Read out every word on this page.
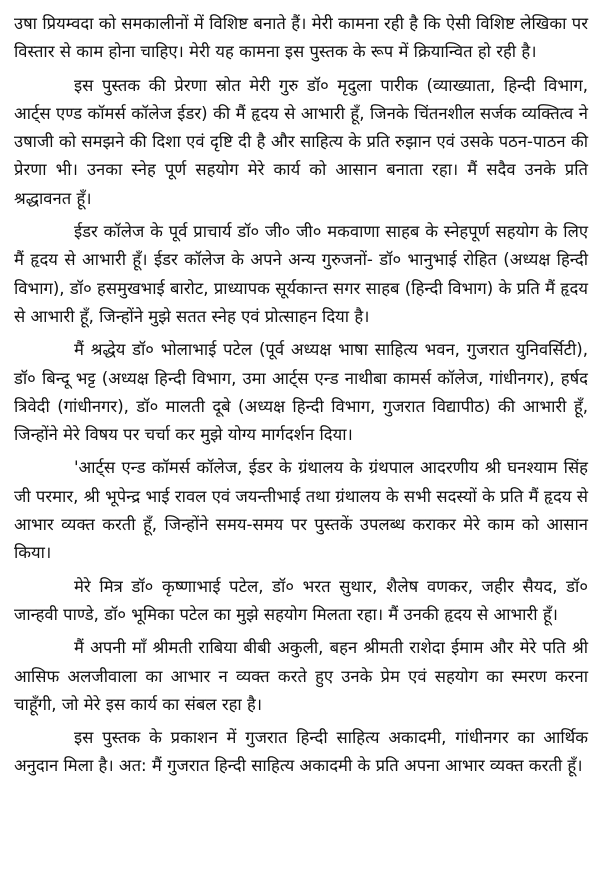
उषा प्रियम्वदा को समकालीनों में विशिष्ट बनाते हैं। मेरी कामना रही है कि ऐसी विशिष्ट लेखिका पर विस्तार से काम होना चाहिए। मेरी यह कामना इस पुस्तक के रूप में क्रियान्वित हो रही है।

इस पुस्तक की प्रेरणा स्रोत मेरी गुरु डॉ० मृदुला पारीक (व्याख्याता, हिन्दी विभाग, आर्ट्स एण्ड कॉमर्स कॉलेज ईडर) की मैं हृदय से आभारी हूँ, जिनके चिंतनशील सर्जक व्यक्तित्व ने उषाजी को समझने की दिशा एवं दृष्टि दी है और साहित्य के प्रति रुझान एवं उसके पठन-पाठन की प्रेरणा भी। उनका स्नेह पूर्ण सहयोग मेरे कार्य को आसान बनाता रहा। मैं सदैव उनके प्रति श्रद्धावनत हूँ।

ईडर कॉलेज के पूर्व प्राचार्य डॉ० जी० जी० मकवाणा साहब के स्नेहपूर्ण सहयोग के लिए मैं हृदय से आभारी हूँ। ईडर कॉलेज के अपने अन्य गुरुजनों- डॉ० भानुभाई रोहित (अध्यक्ष हिन्दी विभाग), डॉ० हसमुखभाई बारोट, प्राध्यापक सूर्यकान्त सगर साहब (हिन्दी विभाग) के प्रति मैं हृदय से आभारी हूँ, जिन्होंने मुझे सतत स्नेह एवं प्रोत्साहन दिया है।

मैं श्रद्धेय डॉ० भोलाभाई पटेल (पूर्व अध्यक्ष भाषा साहित्य भवन, गुजरात युनिवर्सिटी), डॉ० बिन्दू भट्ट (अध्यक्ष हिन्दी विभाग, उमा आर्ट्स एन्ड नाथीबा कामर्स कॉलेज, गांधीनगर), हर्षद त्रिवेदी (गांधीनगर), डॉ० मालती दूबे (अध्यक्ष हिन्दी विभाग, गुजरात विद्यापीठ) की आभारी हूँ, जिन्होंने मेरे विषय पर चर्चा कर मुझे योग्य मार्गदर्शन दिया।

'आर्ट्स एन्ड कॉमर्स कॉलेज, ईडर के ग्रंथालय के ग्रंथपाल आदरणीय श्री घनश्याम सिंह जी परमार, श्री भूपेन्द्र भाई रावल एवं जयन्तीभाई तथा ग्रंथालय के सभी सदस्यों के प्रति मैं हृदय से आभार व्यक्त करती हूँ, जिन्होंने समय-समय पर पुस्तकें उपलब्ध कराकर मेरे काम को आसान किया।

मेरे मित्र डॉ० कृष्णाभाई पटेल, डॉ० भरत सुथार, शैलेष वणकर, जहीर सैयद, डॉ० जान्हवी पाण्डे, डॉ० भूमिका पटेल का मुझे सहयोग मिलता रहा। मैं उनकी हृदय से आभारी हूँ।

मैं अपनी माँ श्रीमती राबिया बीबी अकुली, बहन श्रीमती राशेदा ईमाम और मेरे पति श्री आसिफ अलजीवाला का आभार न व्यक्त करते हुए उनके प्रेम एवं सहयोग का स्मरण करना चाहूँगी, जो मेरे इस कार्य का संबल रहा है।

इस पुस्तक के प्रकाशन में गुजरात हिन्दी साहित्य अकादमी, गांधीनगर का आर्थिक अनुदान मिला है। अत: मैं गुजरात हिन्दी साहित्य अकादमी के प्रति अपना आभार व्यक्त करती हूँ।
